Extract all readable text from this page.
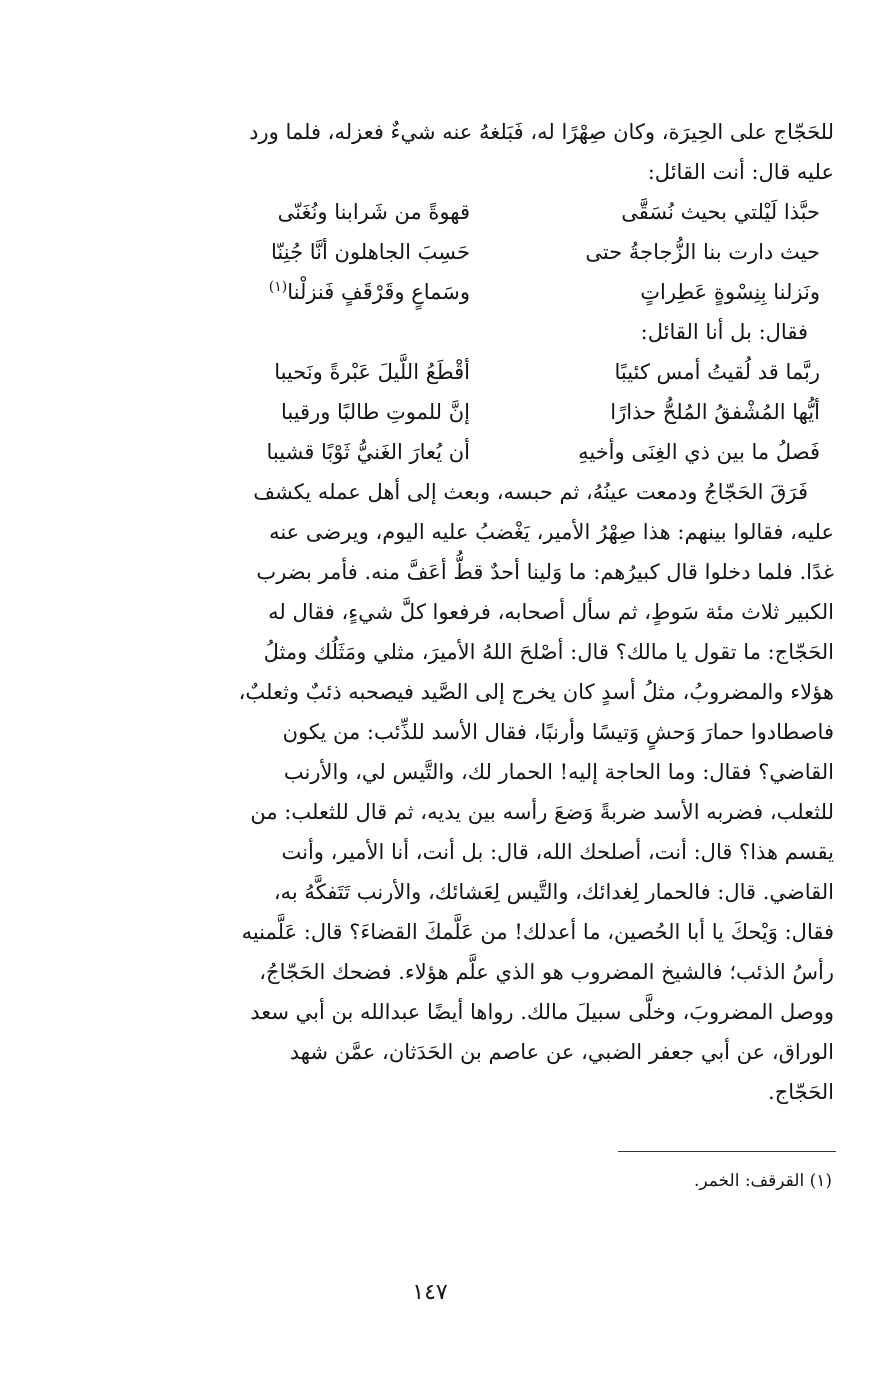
للحَجّاج على الحِيرَة، وكان صِهْرًا له، فَبَلغهُ عنه شيءٌ فعزله، فلما ورد
عليه قال: أنت القائل:
حبَّذا لَيْلتي بحيث نُسَقَّى
قهوةً من شَرابنا ونُغَنّى
حيث دارت بنا الزُّجاجةُ حتى
حَسِبَ الجاهلون أنَّا جُنِنّا
ونَزلنا بِنِسْوةٍ عَطِراتٍ
وسَماعٍ وقَرْقَفٍ فَنزلْنا$^{(١)}$
فقال: بل أنا القائل:
ربَّما قد لُقيتُ أمس كئيبًا
أقْطَعُ اللَّيلَ عَبْرةً ونَحيبا
أيُّها المُشْفقُ المُلحُّ حذارًا
إنَّ للموتِ طالبًا ورقيبا
فَصلُ ما بين ذي الغِنَى وأخيهِ
أن يُعارَ الغَنيُّ ثَوْبًا قشيبا
فَرَقَ الحَجّاجُ ودمعت عينُهُ، ثم حبسه، وبعث إلى أهل عمله يكشف
عليه، فقالوا بينهم: هذا صِهْرُ الأمير، يَغْضبُ عليه اليوم، ويرضى عنه
غدًا. فلما دخلوا قال كبيرُهم: ما وَلينا أحدٌ قطُّ أعَفَّ منه. فأمر بضرب
الكبير ثلاث مئة سَوطٍ، ثم سأل أصحابه، فرفعوا كلَّ شيءٍ، فقال له
الحَجّاج: ما تقول يا مالك؟ قال: أصْلحَ اللهُ الأميرَ، مثلي ومَثَلُك ومثلُ
هؤلاء والمضروبُ، مثلُ أسدٍ كان يخرج إلى الصَّيد فيصحبه ذئبٌ وثعلبٌ،
فاصطادوا حمارَ وَحشٍ وَتيسًا وأرنبًا، فقال الأسد للذِّئب: من يكون
القاضي؟ فقال: وما الحاجة إليه! الحمار لك، والتَّيس لي، والأرنب
للثعلب، فضربه الأسد ضربةً وَضعَ رأسه بين يديه، ثم قال للثعلب: من
يقسم هذا؟ قال: أنت، أصلحك الله، قال: بل أنت، أنا الأمير، وأنت
القاضي. قال: فالحمار لِغدائك، والتَّيس لِعَشائك، والأرنب تَتَفكَّهُ به،
فقال: وَيْحكَ يا أبا الحُصين، ما أعدلك! من عَلَّمكَ القضاءَ؟ قال: عَلَّمنيه
رأسُ الذئب؛ فالشيخ المضروب هو الذي علَّم هؤلاء. فضحك الحَجّاجُ،
ووصل المضروبَ، وخلَّى سبيلَ مالك. رواها أيضًا عبدالله بن أبي سعد
الوراق، عن أبي جعفر الضبي، عن عاصم بن الحَدَثان، عمَّن شهد
الحَجّاج.
(١) القرقف: الخمر.
١٤٧
